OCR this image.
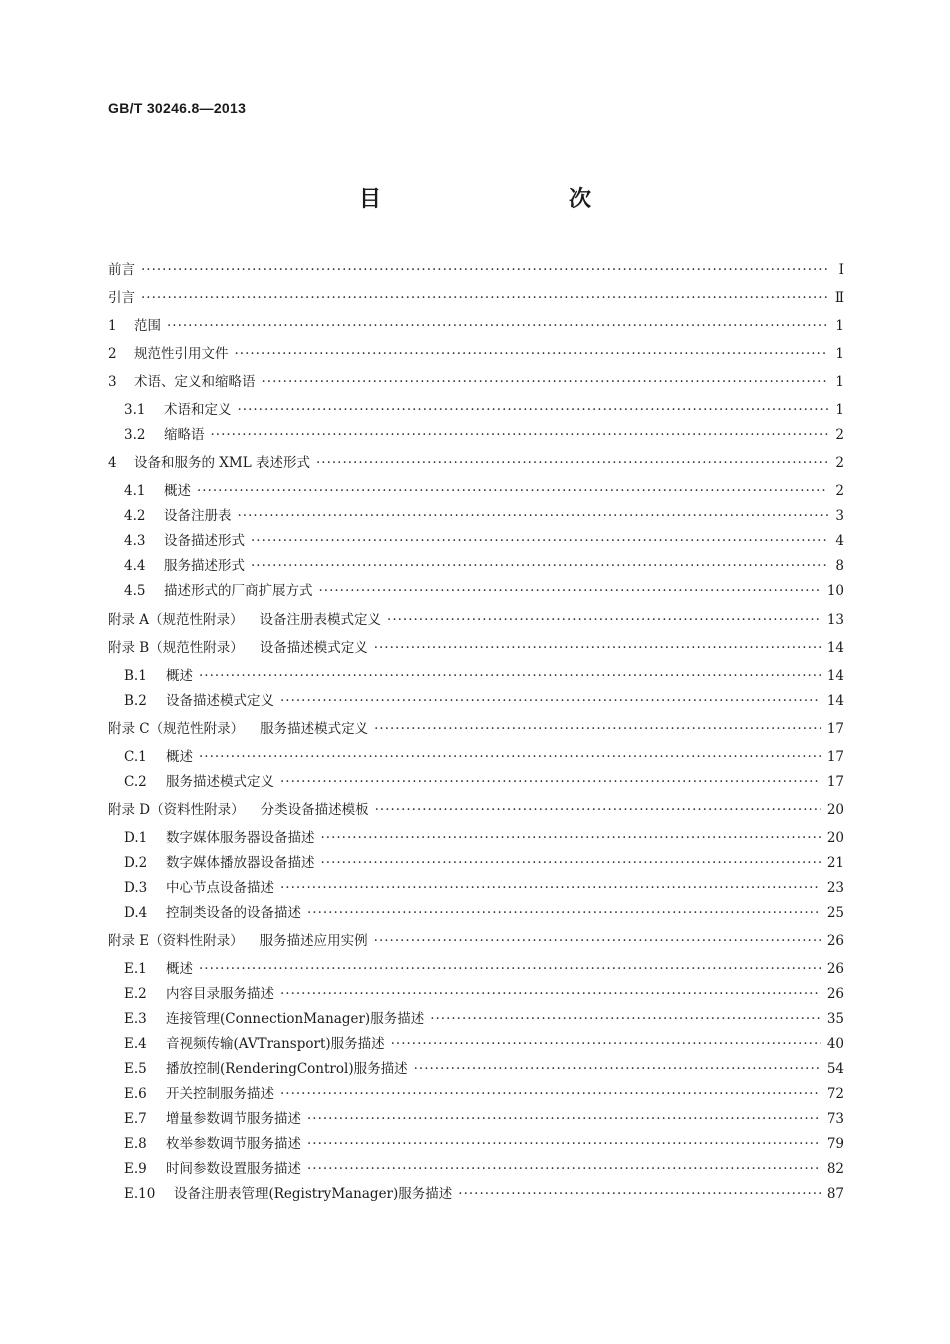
GB/T 30246.8—2013
目　　次
前言 ·····	Ⅰ
引言 ·····	Ⅱ
1	范围 ·····	1
2	规范性引用文件 ·····	1
3	术语、定义和缩略语 ·····	1
3.1	术语和定义 ·····	1
3.2	缩略语 ·····	2
4	设备和服务的 XML 表述形式 ·····	2
4.1	概述 ·····	2
4.2	设备注册表 ·····	3
4.3	设备描述形式 ·····	4
4.4	服务描述形式 ·····	8
4.5	描述形式的厂商扩展方式 ·····	10
附录 A（规范性附录） 设备注册表模式定义 ·····	13
附录 B（规范性附录） 设备描述模式定义 ·····	14
B.1	概述 ·····	14
B.2	设备描述模式定义 ·····	14
附录 C（规范性附录） 服务描述模式定义 ·····	17
C.1	概述 ·····	17
C.2	服务描述模式定义 ·····	17
附录 D（资料性附录） 分类设备描述模板 ·····	20
D.1	数字媒体服务器设备描述 ·····	20
D.2	数字媒体播放器设备描述 ·····	21
D.3	中心节点设备描述 ·····	23
D.4	控制类设备的设备描述 ·····	25
附录 E（资料性附录） 服务描述应用实例 ·····	26
E.1	概述 ·····	26
E.2	内容目录服务描述 ·····	26
E.3	连接管理(ConnectionManager)服务描述 ·····	35
E.4	音视频传输(AVTransport)服务描述 ·····	40
E.5	播放控制(RenderingControl)服务描述 ·····	54
E.6	开关控制服务描述 ·····	72
E.7	增量参数调节服务描述 ·····	73
E.8	枚举参数调节服务描述 ·····	79
E.9	时间参数设置服务描述 ·····	82
E.10	设备注册表管理(RegistryManager)服务描述 ·····	87
